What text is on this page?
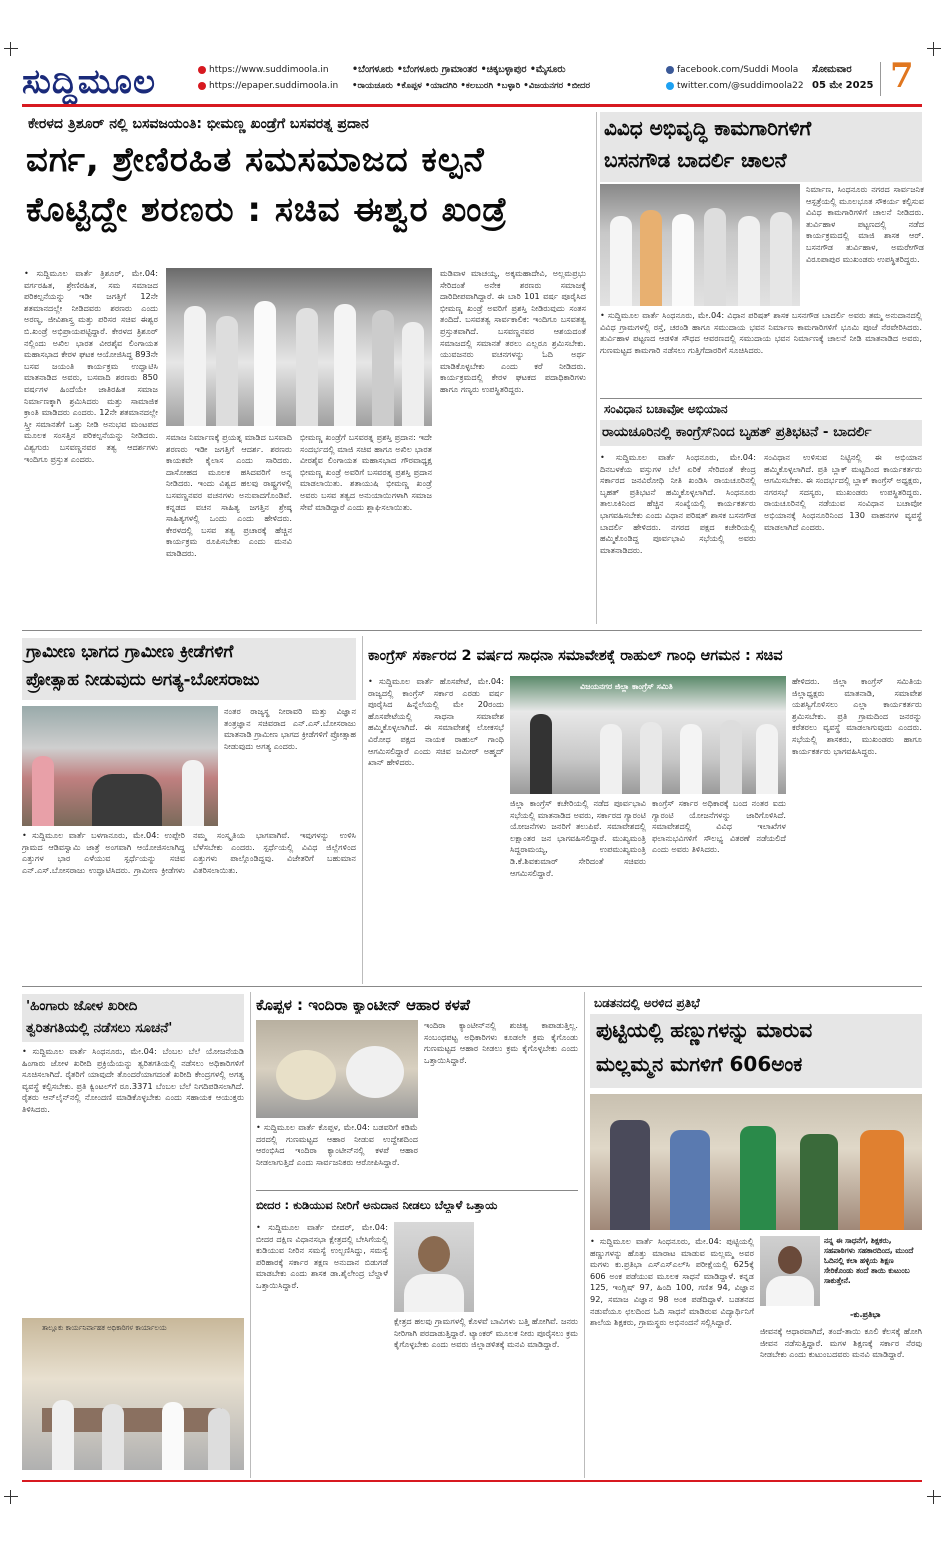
ಸುದ್ದಿಮೂಲ	https://www.suddimoola.in
https://epaper.suddimoola.in
•ಬೆಂಗಳೂರು •ಬೆಂಗಳೂರು ಗ್ರಾಮಾಂತರ •ಚಿಕ್ಕಬಳ್ಳಾಪುರ •ಮೈಸೂರು
•ರಾಯಚೂರು •ಕೊಪ್ಪಳ •ಯಾದಗಿರಿ •ಕಲಬುರಗಿ •ಬಳ್ಳಾರಿ •ವಿಜಯನಗರ •ಬೀದರ
facebook.com/Suddi Moola
twitter.com/@suddimoola22
ಸೋಮವಾರ
05 ಮೇ 2025 7
ಕೇರಳದ ತ್ರಿಶೂರ್ ನಲ್ಲಿ ಬಸವಜಯಂತಿ: ಭೀಮಣ್ಣ ಖಂಡ್ರೆಗೆ ಬಸವರತ್ನ ಪ್ರದಾನ
ವರ್ಗ, ಶ್ರೇಣಿರಹಿತ ಸಮಸಮಾಜದ ಕಲ್ಪನೆ
ಕೊಟ್ಟಿದ್ದೇ ಶರಣರು : ಸಚಿವ ಈಶ್ವರ ಖಂಡ್ರೆ
• ಸುದ್ದಿಮೂಲ ವಾರ್ತೆ ತ್ರಿಶೂರ್, ಮೇ.04: ವರ್ಗರಹಿತ, ಶ್ರೇಣಿರಹಿತ, ಸಮ ಸಮಾಜದ ಪರಿಕಲ್ಪನೆಯನ್ನು ಇಡೀ ಜಗತ್ತಿಗೆ 12ನೇ ಶತಮಾನದಲ್ಲೇ ನೀಡಿದವರು ಶರಣರು ಎಂದು ಅರಣ್ಯ, ಜೀವಿಶಾಸ್ತ್ರ ಮತ್ತು ಪರಿಸರ ಸಚಿವ ಈಶ್ವರ ಬಿ.ಖಂಡ್ರೆ ಅಭಿಪ್ರಾಯಪಟ್ಟಿದ್ದಾರೆ. ಕೇರಳದ ತ್ರಿಶೂರ್ ನಲ್ಲಿಂದು ಅಖಿಲ ಭಾರತ ವೀರಶೈವ ಲಿಂಗಾಯತ ಮಹಾಸಭಾದ ಕೇರಳ ಘಟಕ ಆಯೋಜಿಸಿದ್ದ 893ನೇ ಬಸವ ಜಯಂತಿ ಕಾರ್ಯಕ್ರಮ ಉದ್ಘಾಟಿಸಿ ಮಾತನಾಡಿದ ಅವರು, ಬಸವಾದಿ ಶರಣರು 850 ವರ್ಷಗಳ ಹಿಂದೆಯೇ ಜಾತಿರಹಿತ ಸಮಾಜ ನಿರ್ಮಾಣಕ್ಕಾಗಿ ಶ್ರಮಿಸಿದರು ಮತ್ತು ಸಾಮಾಜಿಕ ಕ್ರಾಂತಿ ಮಾಡಿದರು ಎಂದರು. 12ನೇ ಶತಮಾನದಲ್ಲೇ ಸ್ತ್ರೀ ಸಮಾನತೆಗೆ ಒತ್ತು ನೀಡಿ ಅನುಭವ ಮಂಟಪದ ಮೂಲಕ ಸಂಸತ್ತಿನ ಪರಿಕಲ್ಪನೆಯನ್ನು ನೀಡಿದರು. ವಿಶ್ವಗುರು ಬಸವಣ್ಣನವರ ತತ್ವ ಆದರ್ಶಗಳು ಇಂದಿಗೂ ಪ್ರಸ್ತುತ ಎಂದರು.
ಸಮಾಜ ನಿರ್ಮಾಣಕ್ಕೆ ಪ್ರಯತ್ನ ಮಾಡಿದ ಬಸವಾದಿ ಶರಣರು ಇಡೀ ಜಗತ್ತಿಗೆ ಆದರ್ಶ. ಶರಣರು ಕಾಯಕವೇ ಕೈಲಾಸ ಎಂದು ಸಾರಿದರು. ದಾಸೋಹದ ಮೂಲಕ ಹಸಿದವರಿಗೆ ಅನ್ನ ನೀಡಿದರು. ಇಂದು ವಿಶ್ವದ ಹಲವು ರಾಷ್ಟ್ರಗಳಲ್ಲಿ ಬಸವಣ್ಣನವರ ವಚನಗಳು ಅನುವಾದಗೊಂಡಿವೆ. ಕನ್ನಡದ ವಚನ ಸಾಹಿತ್ಯ ಜಗತ್ತಿನ ಶ್ರೇಷ್ಠ ಸಾಹಿತ್ಯಗಳಲ್ಲಿ ಒಂದು ಎಂದು ಹೇಳಿದರು. ಕೇರಳದಲ್ಲಿ ಬಸವ ತತ್ವ ಪ್ರಚಾರಕ್ಕೆ ಹೆಚ್ಚಿನ ಕಾರ್ಯಕ್ರಮ ರೂಪಿಸಬೇಕು ಎಂದು ಮನವಿ ಮಾಡಿದರು.
ಭೀಮಣ್ಣ ಖಂಡ್ರೆಗೆ ಬಸವರತ್ನ ಪ್ರಶಸ್ತಿ ಪ್ರದಾನ: ಇದೇ ಸಂದರ್ಭದಲ್ಲಿ ಮಾಜಿ ಸಚಿವ ಹಾಗೂ ಅಖಿಲ ಭಾರತ ವೀರಶೈವ ಲಿಂಗಾಯತ ಮಹಾಸಭಾದ ಗೌರವಾಧ್ಯಕ್ಷ ಭೀಮಣ್ಣ ಖಂಡ್ರೆ ಅವರಿಗೆ ಬಸವರತ್ನ ಪ್ರಶಸ್ತಿ ಪ್ರದಾನ ಮಾಡಲಾಯಿತು. ಶತಾಯುಷಿ ಭೀಮಣ್ಣ ಖಂಡ್ರೆ ಅವರು ಬಸವ ತತ್ವದ ಅನುಯಾಯಿಗಳಾಗಿ ಸಮಾಜ ಸೇವೆ ಮಾಡಿದ್ದಾರೆ ಎಂದು ಶ್ಲಾಘಿಸಲಾಯಿತು.
ಮಡಿವಾಳ ಮಾಚಯ್ಯ, ಅಕ್ಕಮಹಾದೇವಿ, ಅಲ್ಲಮಪ್ರಭು ಸೇರಿದಂತೆ ಅನೇಕ ಶರಣರು ಸಮಾಜಕ್ಕೆ ದಾರಿದೀಪವಾಗಿದ್ದಾರೆ. ಈ ಬಾರಿ 101 ವರ್ಷ ಪೂರೈಸಿದ ಭೀಮಣ್ಣ ಖಂಡ್ರೆ ಅವರಿಗೆ ಪ್ರಶಸ್ತಿ ನೀಡಿರುವುದು ಸಂತಸ ತಂದಿದೆ. ಬಸವತತ್ವ ಸಾರ್ವಕಾಲಿಕ: ಇಂದಿಗೂ ಬಸವತತ್ವ ಪ್ರಸ್ತುತವಾಗಿದೆ. ಬಸವಣ್ಣನವರ ಆಶಯದಂತೆ ಸಮಾಜದಲ್ಲಿ ಸಮಾನತೆ ತರಲು ಎಲ್ಲರೂ ಶ್ರಮಿಸಬೇಕು. ಯುವಜನರು ವಚನಗಳನ್ನು ಓದಿ ಅರ್ಥ ಮಾಡಿಕೊಳ್ಳಬೇಕು ಎಂದು ಕರೆ ನೀಡಿದರು. ಕಾರ್ಯಕ್ರಮದಲ್ಲಿ ಕೇರಳ ಘಟಕದ ಪದಾಧಿಕಾರಿಗಳು ಹಾಗೂ ಗಣ್ಯರು ಉಪಸ್ಥಿತರಿದ್ದರು.
ವಿವಿಧ ಅಭಿವೃದ್ಧಿ ಕಾಮಗಾರಿಗಳಿಗೆ
ಬಸನಗೌಡ ಬಾದರ್ಲಿ ಚಾಲನೆ
ನಿರ್ಮಾಣ, ಸಿಂಧನೂರು ನಗರದ ಸಾರ್ವಜನಿಕ ಆಸ್ಪತ್ರೆಯಲ್ಲಿ ಮೂಲಭೂತ ಸೌಕರ್ಯ ಕಲ್ಪಿಸುವ ವಿವಿಧ ಕಾಮಗಾರಿಗಳಿಗೆ ಚಾಲನೆ ನೀಡಿದರು. ತುರ್ವಿಹಾಳ ಪಟ್ಟಣದಲ್ಲಿ ನಡೆದ ಕಾರ್ಯಕ್ರಮದಲ್ಲಿ ಮಾಜಿ ಶಾಸಕ ಆರ್. ಬಸನಗೌಡ ತುರ್ವಿಹಾಳ, ಅಮರೇಗೌಡ ವಿರೂಪಾಪುರ ಮುಖಂಡರು ಉಪಸ್ಥಿತರಿದ್ದರು.
• ಸುದ್ದಿಮೂಲ ವಾರ್ತೆ ಸಿಂಧನೂರು, ಮೇ.04: ವಿಧಾನ ಪರಿಷತ್ ಶಾಸಕ ಬಸನಗೌಡ ಬಾದರ್ಲಿ ಅವರು ತಮ್ಮ ಅನುದಾನದಲ್ಲಿ ವಿವಿಧ ಗ್ರಾಮಗಳಲ್ಲಿ ರಸ್ತೆ, ಚರಂಡಿ ಹಾಗೂ ಸಮುದಾಯ ಭವನ ನಿರ್ಮಾಣ ಕಾಮಗಾರಿಗಳಿಗೆ ಭೂಮಿ ಪೂಜೆ ನೆರವೇರಿಸಿದರು. ತುರ್ವಿಹಾಳ ಪಟ್ಟಣದ ಆಡಳಿತ ಸೌಧದ ಆವರಣದಲ್ಲಿ ಸಮುದಾಯ ಭವನ ನಿರ್ಮಾಣಕ್ಕೆ ಚಾಲನೆ ನೀಡಿ ಮಾತನಾಡಿದ ಅವರು, ಗುಣಮಟ್ಟದ ಕಾಮಗಾರಿ ನಡೆಸಲು ಗುತ್ತಿಗೆದಾರರಿಗೆ ಸೂಚಿಸಿದರು.
ಸಂವಿಧಾನ ಬಚಾವೋ ಅಭಿಯಾನ
ರಾಯಚೂರಿನಲ್ಲಿ ಕಾಂಗ್ರೆಸ್‌ನಿಂದ ಬೃಹತ್ ಪ್ರತಿಭಟನೆ - ಬಾದರ್ಲಿ
• ಸುದ್ದಿಮೂಲ ವಾರ್ತೆ ಸಿಂಧನೂರು, ಮೇ.04: ದಿನಬಳಕೆಯ ವಸ್ತುಗಳ ಬೆಲೆ ಏರಿಕೆ ಸೇರಿದಂತೆ ಕೇಂದ್ರ ಸರ್ಕಾರದ ಜನವಿರೋಧಿ ನೀತಿ ಖಂಡಿಸಿ ರಾಯಚೂರಿನಲ್ಲಿ ಬೃಹತ್ ಪ್ರತಿಭಟನೆ ಹಮ್ಮಿಕೊಳ್ಳಲಾಗಿದೆ. ಸಿಂಧನೂರು ತಾಲೂಕಿನಿಂದ ಹೆಚ್ಚಿನ ಸಂಖ್ಯೆಯಲ್ಲಿ ಕಾರ್ಯಕರ್ತರು ಭಾಗವಹಿಸಬೇಕು ಎಂದು ವಿಧಾನ ಪರಿಷತ್ ಶಾಸಕ ಬಸನಗೌಡ ಬಾದರ್ಲಿ ಹೇಳಿದರು. ನಗರದ ಪಕ್ಷದ ಕಚೇರಿಯಲ್ಲಿ ಹಮ್ಮಿಕೊಂಡಿದ್ದ ಪೂರ್ವಭಾವಿ ಸಭೆಯಲ್ಲಿ ಅವರು ಮಾತನಾಡಿದರು.
ಸಂವಿಧಾನ ಉಳಿಸುವ ನಿಟ್ಟಿನಲ್ಲಿ ಈ ಅಭಿಯಾನ ಹಮ್ಮಿಕೊಳ್ಳಲಾಗಿದೆ. ಪ್ರತಿ ಬ್ಲಾಕ್ ಮಟ್ಟದಿಂದ ಕಾರ್ಯಕರ್ತರು ಆಗಮಿಸಬೇಕು. ಈ ಸಂದರ್ಭದಲ್ಲಿ ಬ್ಲಾಕ್ ಕಾಂಗ್ರೆಸ್ ಅಧ್ಯಕ್ಷರು, ನಗರಸಭೆ ಸದಸ್ಯರು, ಮುಖಂಡರು ಉಪಸ್ಥಿತರಿದ್ದರು. ರಾಯಚೂರಿನಲ್ಲಿ ನಡೆಯುವ ಸಂವಿಧಾನ ಬಚಾವೋ ಅಭಿಯಾನಕ್ಕೆ ಸಿಂಧನೂರಿನಿಂದ 130 ವಾಹನಗಳ ವ್ಯವಸ್ಥೆ ಮಾಡಲಾಗಿದೆ ಎಂದರು.
ಗ್ರಾಮೀಣ ಭಾಗದ ಗ್ರಾಮೀಣ ಕ್ರೀಡೆಗಳಿಗೆ
ಪ್ರೋತ್ಸಾಹ ನೀಡುವುದು ಅಗತ್ಯ-ಬೋಸರಾಜು
ನಂತರ ರಾಜ್ಯಸ್ಥ ನೀರಾವರಿ ಮತ್ತು ವಿಜ್ಞಾನ ತಂತ್ರಜ್ಞಾನ ಸಚಿವರಾದ ಎನ್.ಎಸ್.ಬೋಸರಾಜು ಮಾತನಾಡಿ ಗ್ರಾಮೀಣ ಭಾಗದ ಕ್ರೀಡೆಗಳಿಗೆ ಪ್ರೋತ್ಸಾಹ ನೀಡುವುದು ಅಗತ್ಯ ಎಂದರು.
• ಸುದ್ದಿಮೂಲ ವಾರ್ತೆ ಬಳಗಾನೂರು, ಮೇ.04: ಉಪ್ಪೇರಿ ಗ್ರಾಮದ ಆಡಿವಸ್ವಾಮಿ ಜಾತ್ರೆ ಅಂಗವಾಗಿ ಆಯೋಜಿಸಲಾಗಿದ್ದ ಎತ್ತುಗಳ ಭಾರ ಎಳೆಯುವ ಸ್ಪರ್ಧೆಯನ್ನು ಸಚಿವ ಎನ್.ಎಸ್.ಬೋಸರಾಜು ಉದ್ಘಾಟಿಸಿದರು. ಗ್ರಾಮೀಣ ಕ್ರೀಡೆಗಳು ನಮ್ಮ ಸಂಸ್ಕೃತಿಯ ಭಾಗವಾಗಿವೆ. ಇವುಗಳನ್ನು ಉಳಿಸಿ ಬೆಳೆಸಬೇಕು ಎಂದರು. ಸ್ಪರ್ಧೆಯಲ್ಲಿ ವಿವಿಧ ಜಿಲ್ಲೆಗಳಿಂದ ಎತ್ತುಗಳು ಪಾಲ್ಗೊಂಡಿದ್ದವು. ವಿಜೇತರಿಗೆ ಬಹುಮಾನ ವಿತರಿಸಲಾಯಿತು.
ಕಾಂಗ್ರೆಸ್ ಸರ್ಕಾರದ 2 ವರ್ಷದ ಸಾಧನಾ ಸಮಾವೇಶಕ್ಕೆ ರಾಹುಲ್ ಗಾಂಧಿ ಆಗಮನ : ಸಚಿವ
• ಸುದ್ದಿಮೂಲ ವಾರ್ತೆ ಹೊಸಪೇಟೆ, ಮೇ.04: ರಾಜ್ಯದಲ್ಲಿ ಕಾಂಗ್ರೆಸ್ ಸರ್ಕಾರ ಎರಡು ವರ್ಷ ಪೂರೈಸಿದ ಹಿನ್ನೆಲೆಯಲ್ಲಿ ಮೇ 20ರಂದು ಹೊಸಪೇಟೆಯಲ್ಲಿ ಸಾಧನಾ ಸಮಾವೇಶ ಹಮ್ಮಿಕೊಳ್ಳಲಾಗಿದೆ. ಈ ಸಮಾವೇಶಕ್ಕೆ ಲೋಕಸಭೆ ವಿರೋಧ ಪಕ್ಷದ ನಾಯಕ ರಾಹುಲ್ ಗಾಂಧಿ ಆಗಮಿಸಲಿದ್ದಾರೆ ಎಂದು ಸಚಿವ ಜಮೀರ್ ಅಹ್ಮದ್ ಖಾನ್ ಹೇಳಿದರು.
ವಿಜಯನಗರ ಜಿಲ್ಲಾ ಕಾಂಗ್ರೆಸ್ ಸಮಿತಿ
ಜಿಲ್ಲಾ ಕಾಂಗ್ರೆಸ್ ಕಚೇರಿಯಲ್ಲಿ ನಡೆದ ಪೂರ್ವಭಾವಿ ಸಭೆಯಲ್ಲಿ ಮಾತನಾಡಿದ ಅವರು, ಸರ್ಕಾರದ ಗ್ಯಾರಂಟಿ ಯೋಜನೆಗಳು ಜನರಿಗೆ ತಲುಪಿವೆ. ಸಮಾವೇಶದಲ್ಲಿ ಲಕ್ಷಾಂತರ ಜನ ಭಾಗವಹಿಸಲಿದ್ದಾರೆ. ಮುಖ್ಯಮಂತ್ರಿ ಸಿದ್ದರಾಮಯ್ಯ, ಉಪಮುಖ್ಯಮಂತ್ರಿ ಡಿ.ಕೆ.ಶಿವಕುಮಾರ್ ಸೇರಿದಂತೆ ಸಚಿವರು ಆಗಮಿಸಲಿದ್ದಾರೆ.
ಕಾಂಗ್ರೆಸ್ ಸರ್ಕಾರ ಅಧಿಕಾರಕ್ಕೆ ಬಂದ ನಂತರ ಐದು ಗ್ಯಾರಂಟಿ ಯೋಜನೆಗಳನ್ನು ಜಾರಿಗೊಳಿಸಿದೆ. ಸಮಾವೇಶದಲ್ಲಿ ವಿವಿಧ ಇಲಾಖೆಗಳ ಫಲಾನುಭವಿಗಳಿಗೆ ಸೌಲಭ್ಯ ವಿತರಣೆ ನಡೆಯಲಿದೆ ಎಂದು ಅವರು ತಿಳಿಸಿದರು.
ಹೇಳಿದರು. ಜಿಲ್ಲಾ ಕಾಂಗ್ರೆಸ್ ಸಮಿತಿಯ ಜಿಲ್ಲಾಧ್ಯಕ್ಷರು ಮಾತನಾಡಿ, ಸಮಾವೇಶ ಯಶಸ್ವಿಗೊಳಿಸಲು ಎಲ್ಲಾ ಕಾರ್ಯಕರ್ತರು ಶ್ರಮಿಸಬೇಕು. ಪ್ರತಿ ಗ್ರಾಮದಿಂದ ಜನರನ್ನು ಕರೆತರಲು ವ್ಯವಸ್ಥೆ ಮಾಡಲಾಗುವುದು ಎಂದರು. ಸಭೆಯಲ್ಲಿ ಶಾಸಕರು, ಮುಖಂಡರು ಹಾಗೂ ಕಾರ್ಯಕರ್ತರು ಭಾಗವಹಿಸಿದ್ದರು.
'ಹಿಂಗಾರು ಜೋಳ ಖರೀದಿ
ತ್ವರಿತಗತಿಯಲ್ಲಿ ನಡೆಸಲು ಸೂಚನೆ'
• ಸುದ್ದಿಮೂಲ ವಾರ್ತೆ ಸಿಂಧನೂರು, ಮೇ.04: ಬೆಂಬಲ ಬೆಲೆ ಯೋಜನೆಯಡಿ ಹಿಂಗಾರು ಜೋಳ ಖರೀದಿ ಪ್ರಕ್ರಿಯೆಯನ್ನು ತ್ವರಿತಗತಿಯಲ್ಲಿ ನಡೆಸಲು ಅಧಿಕಾರಿಗಳಿಗೆ ಸೂಚಿಸಲಾಗಿದೆ. ರೈತರಿಗೆ ಯಾವುದೇ ತೊಂದರೆಯಾಗದಂತೆ ಖರೀದಿ ಕೇಂದ್ರಗಳಲ್ಲಿ ಅಗತ್ಯ ವ್ಯವಸ್ಥೆ ಕಲ್ಪಿಸಬೇಕು. ಪ್ರತಿ ಕ್ವಿಂಟಲ್‌ಗೆ ರೂ.3371 ಬೆಂಬಲ ಬೆಲೆ ನಿಗದಿಪಡಿಸಲಾಗಿದೆ. ರೈತರು ಆನ್‌ಲೈನ್‌ನಲ್ಲಿ ನೋಂದಣಿ ಮಾಡಿಕೊಳ್ಳಬೇಕು ಎಂದು ಸಹಾಯಕ ಆಯುಕ್ತರು ತಿಳಿಸಿದರು.
ತಾಲ್ಲೂಕು ಕಾರ್ಯನಿರ್ವಾಹಕ ಅಧಿಕಾರಿಗಳ ಕಾರ್ಯಾಲಯ
ಕೊಪ್ಪಳ : ಇಂದಿರಾ ಕ್ಯಾಂಟೀನ್ ಆಹಾರ ಕಳಪೆ
• ಸುದ್ದಿಮೂಲ ವಾರ್ತೆ ಕೊಪ್ಪಳ, ಮೇ.04: ಬಡವರಿಗೆ ಕಡಿಮೆ ದರದಲ್ಲಿ ಗುಣಮಟ್ಟದ ಆಹಾರ ನೀಡುವ ಉದ್ದೇಶದಿಂದ ಆರಂಭಿಸಿದ ಇಂದಿರಾ ಕ್ಯಾಂಟೀನ್‌ನಲ್ಲಿ ಕಳಪೆ ಆಹಾರ ನೀಡಲಾಗುತ್ತಿದೆ ಎಂದು ಸಾರ್ವಜನಿಕರು ಆರೋಪಿಸಿದ್ದಾರೆ.
ಇಂದಿರಾ ಕ್ಯಾಂಟೀನ್‌ನಲ್ಲಿ ಶುಚಿತ್ವ ಕಾಪಾಡುತ್ತಿಲ್ಲ. ಸಂಬಂಧಪಟ್ಟ ಅಧಿಕಾರಿಗಳು ಕೂಡಲೇ ಕ್ರಮ ಕೈಗೊಂಡು ಗುಣಮಟ್ಟದ ಆಹಾರ ನೀಡಲು ಕ್ರಮ ಕೈಗೊಳ್ಳಬೇಕು ಎಂದು ಒತ್ತಾಯಿಸಿದ್ದಾರೆ.
ಬೀದರ : ಕುಡಿಯುವ ನೀರಿಗೆ ಅನುದಾನ ನೀಡಲು ಬೆಲ್ದಾಳೆ ಒತ್ತಾಯ
• ಸುದ್ದಿಮೂಲ ವಾರ್ತೆ ಬೀದರ್, ಮೇ.04: ಬೀದರ ದಕ್ಷಿಣ ವಿಧಾನಸಭಾ ಕ್ಷೇತ್ರದಲ್ಲಿ ಬೇಸಿಗೆಯಲ್ಲಿ ಕುಡಿಯುವ ನೀರಿನ ಸಮಸ್ಯೆ ಉಲ್ಬಣಿಸಿದ್ದು, ಸಮಸ್ಯೆ ಪರಿಹಾರಕ್ಕೆ ಸರ್ಕಾರ ತಕ್ಷಣ ಅನುದಾನ ಬಿಡುಗಡೆ ಮಾಡಬೇಕು ಎಂದು ಶಾಸಕ ಡಾ.ಶೈಲೇಂದ್ರ ಬೆಲ್ದಾಳೆ ಒತ್ತಾಯಿಸಿದ್ದಾರೆ.
ಕ್ಷೇತ್ರದ ಹಲವು ಗ್ರಾಮಗಳಲ್ಲಿ ಕೊಳವೆ ಬಾವಿಗಳು ಬತ್ತಿ ಹೋಗಿವೆ. ಜನರು ನೀರಿಗಾಗಿ ಪರದಾಡುತ್ತಿದ್ದಾರೆ. ಟ್ಯಾಂಕರ್ ಮೂಲಕ ನೀರು ಪೂರೈಸಲು ಕ್ರಮ ಕೈಗೊಳ್ಳಬೇಕು ಎಂದು ಅವರು ಜಿಲ್ಲಾಡಳಿತಕ್ಕೆ ಮನವಿ ಮಾಡಿದ್ದಾರೆ.
ಬಡತನದಲ್ಲಿ ಅರಳಿದ ಪ್ರತಿಭೆ
ಪುಟ್ಟಿಯಲ್ಲಿ ಹಣ್ಣುಗಳನ್ನು ಮಾರುವ
ಮಲ್ಲಮ್ಮನ ಮಗಳಿಗೆ 606ಅಂಕ
• ಸುದ್ದಿಮೂಲ ವಾರ್ತೆ ಸಿಂಧನೂರು, ಮೇ.04: ಪುಟ್ಟಿಯಲ್ಲಿ ಹಣ್ಣುಗಳನ್ನು ಹೊತ್ತು ಮಾರಾಟ ಮಾಡುವ ಮಲ್ಲಮ್ಮ ಅವರ ಮಗಳು ಕು.ಪ್ರತಿಭಾ ಎಸ್ಎಸ್ಎಲ್‌ಸಿ ಪರೀಕ್ಷೆಯಲ್ಲಿ 625ಕ್ಕೆ 606 ಅಂಕ ಪಡೆಯುವ ಮೂಲಕ ಸಾಧನೆ ಮಾಡಿದ್ದಾಳೆ. ಕನ್ನಡ 125, ಇಂಗ್ಲಿಷ್ 97, ಹಿಂದಿ 100, ಗಣಿತ 94, ವಿಜ್ಞಾನ 92, ಸಮಾಜ ವಿಜ್ಞಾನ 98 ಅಂಕ ಪಡೆದಿದ್ದಾಳೆ. ಬಡತನದ ನಡುವೆಯೂ ಛಲದಿಂದ ಓದಿ ಸಾಧನೆ ಮಾಡಿರುವ ವಿದ್ಯಾರ್ಥಿನಿಗೆ ಶಾಲೆಯ ಶಿಕ್ಷಕರು, ಗ್ರಾಮಸ್ಥರು ಅಭಿನಂದನೆ ಸಲ್ಲಿಸಿದ್ದಾರೆ.
ನನ್ನ ಈ ಸಾಧನೆಗೆ, ಶಿಕ್ಷಕರು, ಸಹಪಾಠಿಗಳು ಸಹಕಾರದಿಂದ, ಮುಂದೆ ಓದಿನಲ್ಲಿ ಕಲಾ ಹಳ್ಳಿಯ ಶಿಕ್ಷಣ ಸೇರಿಕೊಂಡು ತಂದೆ ತಾಯಿ ಕುಟುಂಬ ಸಾಕುತ್ತೇನೆ.
-ಕು.ಪ್ರತಿಭಾ
ಜೀವನಕ್ಕೆ ಆಧಾರವಾಗಿದೆ, ತಂದೆ-ತಾಯಿ ಕೂಲಿ ಕೆಲಸಕ್ಕೆ ಹೋಗಿ ಜೀವನ ನಡೆಸುತ್ತಿದ್ದಾರೆ. ಮಗಳ ಶಿಕ್ಷಣಕ್ಕೆ ಸರ್ಕಾರ ನೆರವು ನೀಡಬೇಕು ಎಂದು ಕುಟುಂಬದವರು ಮನವಿ ಮಾಡಿದ್ದಾರೆ.
